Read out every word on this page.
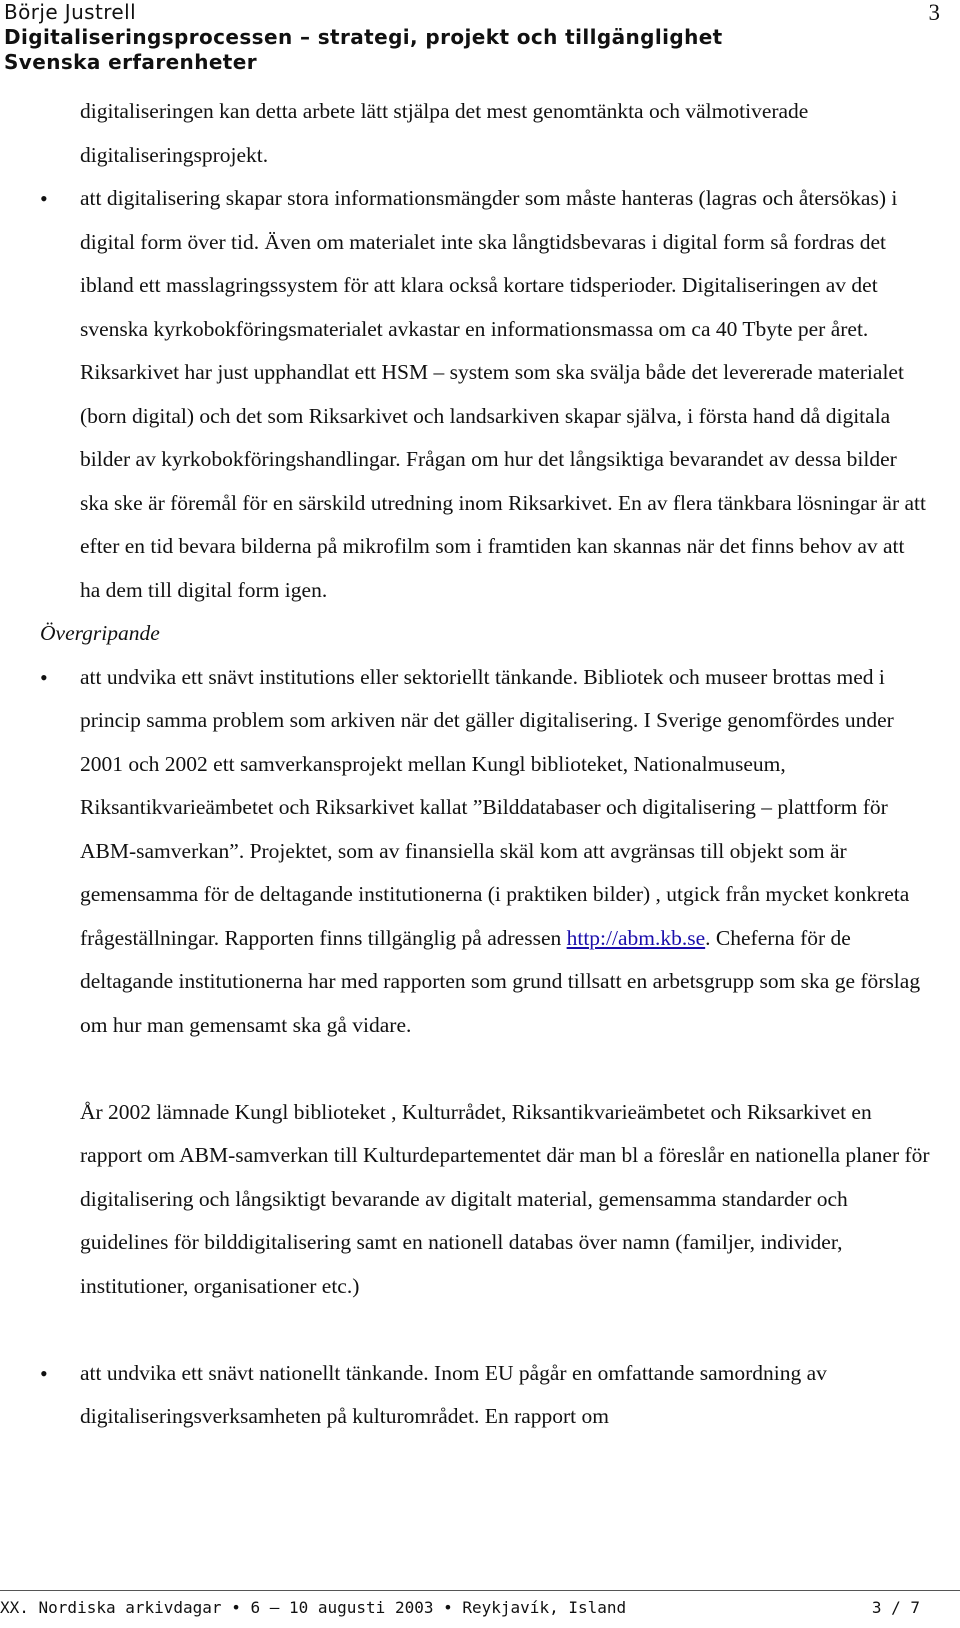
Börje Justrell
Digitaliseringsprocessen – strategi, projekt och tillgänglighet
Svenska erfarenheter
3

digitaliseringen kan detta arbete lätt stjälpa det mest genomtänkta och välmotiverade digitaliseringsprojekt.

•	att digitalisering skapar stora informationsmängder som måste hanteras (lagras och återsökas) i digital form över tid. Även om materialet inte ska långtidsbevaras i digital form så fordras det ibland ett masslagringssystem för att klara också kortare tidsperioder. Digitaliseringen av det svenska kyrkobokföringsmaterialet avkastar en informationsmassa om ca 40 Tbyte per året. Riksarkivet har just upphandlat ett HSM – system som ska svälja både det levererade materialet (born digital) och det som Riksarkivet och landsarkiven skapar själva, i första hand då digitala bilder av kyrkobokföringshandlingar. Frågan om hur det långsiktiga bevarandet av dessa bilder ska ske är föremål för en särskild utredning inom Riksarkivet. En av flera tänkbara lösningar är att efter en tid bevara bilderna på mikrofilm som i framtiden kan skannas när det finns behov av att ha dem till digital form igen.

Övergripande

•	att undvika ett snävt institutions eller sektoriellt tänkande. Bibliotek och museer brottas med i princip samma problem som arkiven när det gäller digitalisering. I Sverige genomfördes under 2001 och 2002 ett samverkansprojekt mellan Kungl biblioteket, Nationalmuseum, Riksantikvarieämbetet och Riksarkivet kallat ”Bilddatabaser och digitalisering – plattform för ABM-samverkan”. Projektet, som av finansiella skäl kom att avgränsas till objekt som är gemensamma för de deltagande institutionerna (i praktiken bilder) , utgick från mycket konkreta frågeställningar. Rapporten finns tillgänglig på adressen http://abm.kb.se. Cheferna för de deltagande institutionerna har med rapporten som grund tillsatt en arbetsgrupp som ska ge förslag om hur man gemensamt ska gå vidare.

År 2002 lämnade Kungl biblioteket , Kulturrådet, Riksantikvarieämbetet och Riksarkivet en rapport om ABM-samverkan till Kulturdepartementet där man bl a föreslår en nationella planer för digitalisering och långsiktigt bevarande av digitalt material, gemensamma standarder och guidelines för bilddigitalisering samt en nationell databas över namn (familjer, individer, institutioner, organisationer etc.)

•	att undvika ett snävt nationellt tänkande. Inom EU pågår en omfattande samordning av digitaliseringsverksamheten på kulturområdet. En rapport om
XX. Nordiska arkivdagar • 6 – 10 augusti 2003 • Reykjavík, Island	3 / 7
